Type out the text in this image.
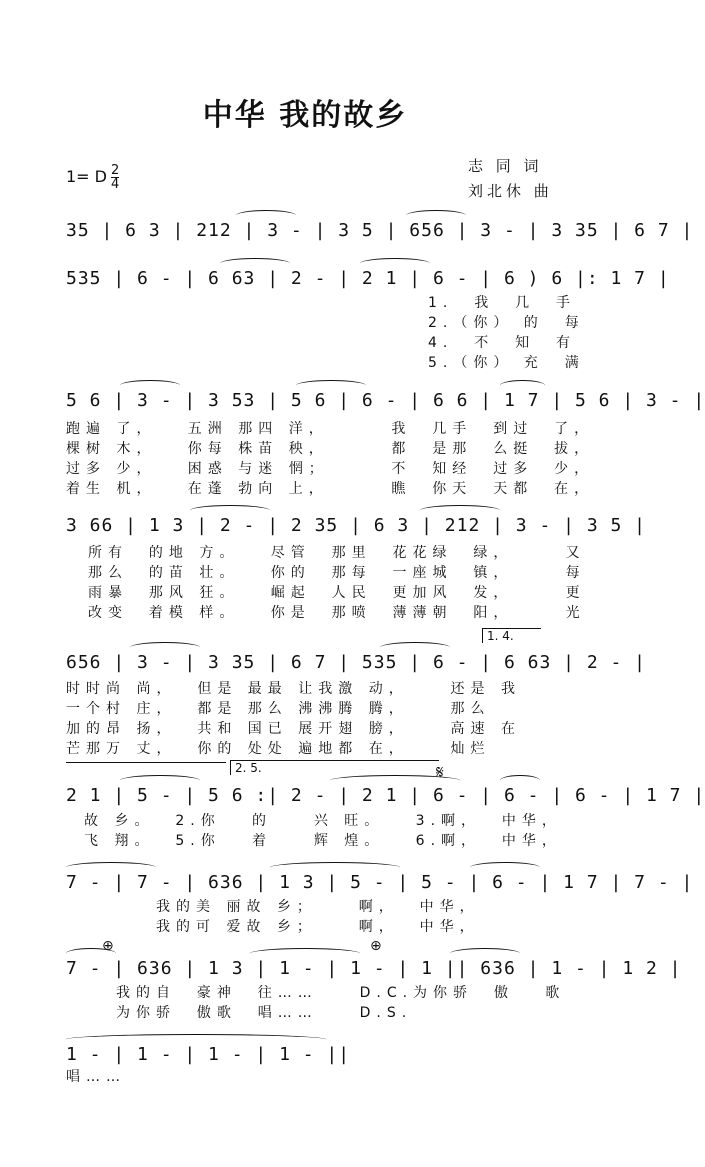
中华 我的故乡
1= D $\frac{2}{4}$	志 同 词
刘北休 曲
35 | 6 3 | 212 | 3 - | 3 5 | 656 | 3 - | 3 35 | 6 7 |
535 | 6 - | 6 63 | 2 - | 2 1 | 6 - | 6 ) 6 |: 1 7 |
1.  我  几  手
2.（你） 的  每
4.  不  知  有
5.（你） 充  满
5 6 | 3 - | 3 53 | 5 6 | 6 - | 6 6 | 1 7 | 5 6 | 3 - |
跑遍 了，   五洲 那四 洋，      我  几手  到过  了，
棵树 木，   你每 株苗 秧，      都  是那  么挺  拔，
过多 少，   困惑 与迷 惘；      不  知经  过多  少，
着生 机，   在蓬 勃向 上，      瞧  你天  天都  在，
3 66 | 1 3 | 2 - | 2 35 | 6 3 | 212 | 3 - | 3 5 |
所有  的地 方。   尽管  那里  花花绿  绿，     又
那么  的苗 壮。   你的  那每  一座城  镇，     每
雨暴  那风 狂。   崛起  人民  更加风  发，     更
改变  着模 样。   你是  那喷  薄薄朝  阳，     光
1. 4.
656 | 3 - | 3 35 | 6 7 | 535 | 6 - | 6 63 | 2 - |
时时尚 尚，  但是 最最 让我激 动，    还是 我
一个村 庄，  都是 那么 沸沸腾 腾，    那么
加的昂 扬，  共和 国已 展开翅 膀，    高速 在
芒那万 丈，  你的 处处 遍地都 在，    灿烂
2. 5.	𝄋
2 1 | 5 - | 5 6 :| 2 - | 2 1 | 6 - | 6 - | 6 - | 1 7 |
故 乡。  2.你   的    兴 旺。   3.啊，  中华，
飞 翔。  5.你   着    辉 煌。   6.啊，  中华，
7 - | 7 - | 636 | 1 3 | 5 - | 5 - | 6 - | 1 7 | 7 - |
我的美 丽故 乡；    啊，  中华，
我的可 爱故 乡；    啊，  中华，
⊕	⊕
7 - | 636 | 1 3 | 1 - | 1 - | 1 || 636 | 1 - | 1 2 |
我的自  豪神  往……    D.C.为你骄  傲   歌
为你骄  傲歌  唱……    D.S.
1 - | 1 - | 1 - | 1 - ||
唱……
